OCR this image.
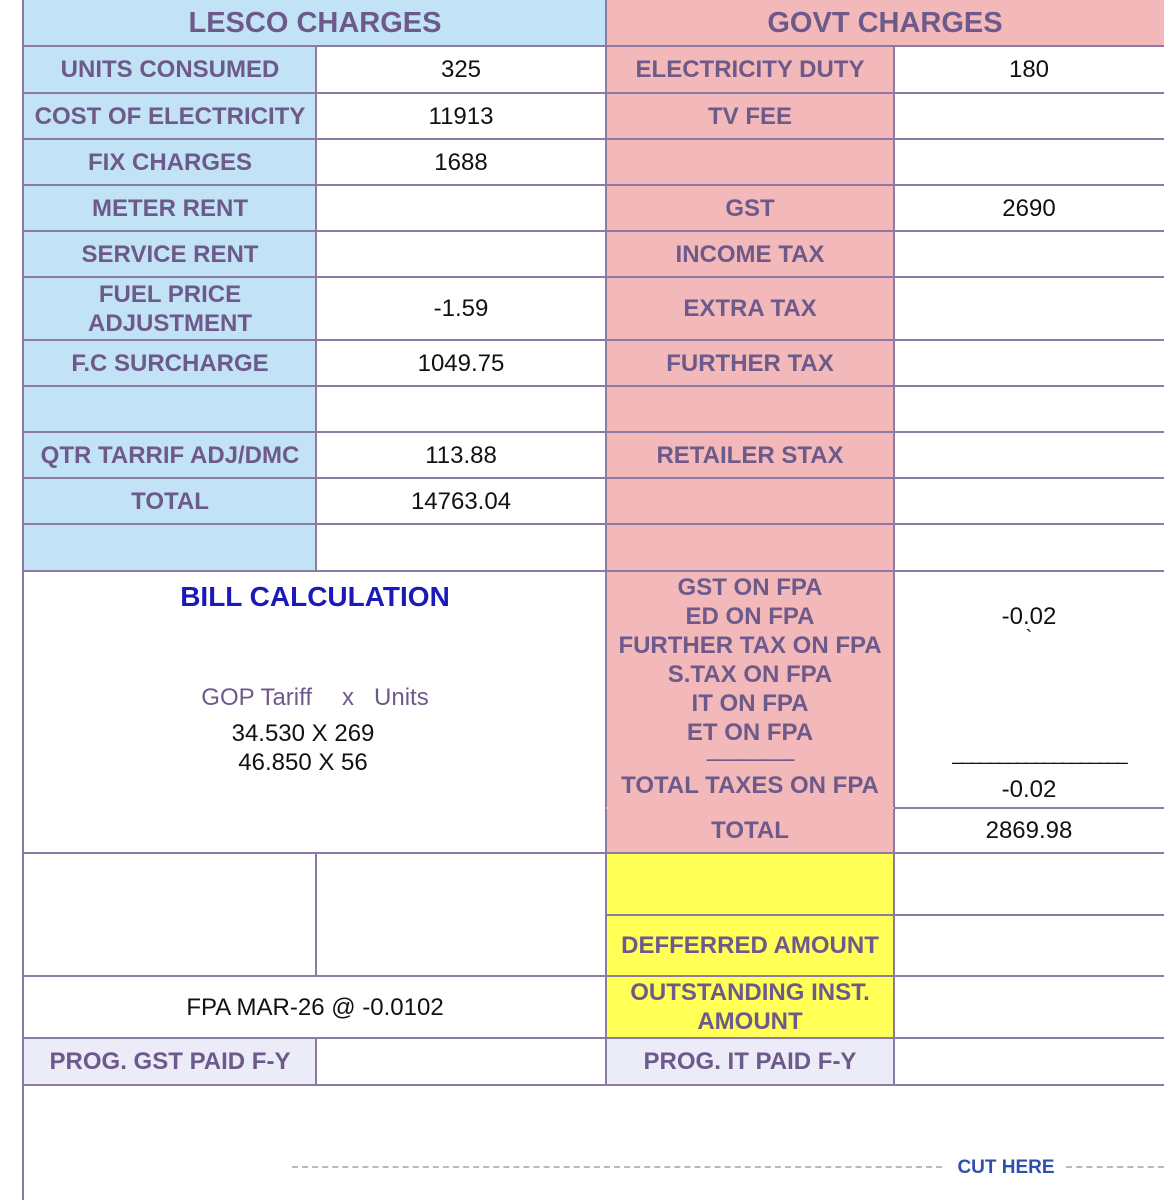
LESCO CHARGES	GOVT CHARGES
UNITS CONSUMED
COST OF ELECTRICITY
FIX CHARGES
METER RENT
SERVICE RENT
FUEL PRICE ADJUSTMENT
F.C SURCHARGE
QTR TARRIF ADJ/DMC
TOTAL
325
11913
1688
-1.59
1049.75
113.88
14763.04
ELECTRICITY DUTY
TV FEE
GST
INCOME TAX
EXTRA TAX
FURTHER TAX
RETAILER STAX
GST ON FPA
ED ON FPA
FURTHER TAX ON FPA
S.TAX ON FPA
IT ON FPA
ET ON FPA
------------------------
TOTAL TAXES ON FPA
TOTAL
180
2690
-0.02
`
___________________
-0.02
2869.98
BILL CALCULATION
GOP Tariff x Units
34.530 X 269
46.850 X 56
DEFFERRED AMOUNT
OUTSTANDING INST. AMOUNT
FPA MAR-26 @ -0.0102
PROG. GST PAID F-Y	PROG. IT PAID F-Y
CUT HERE
